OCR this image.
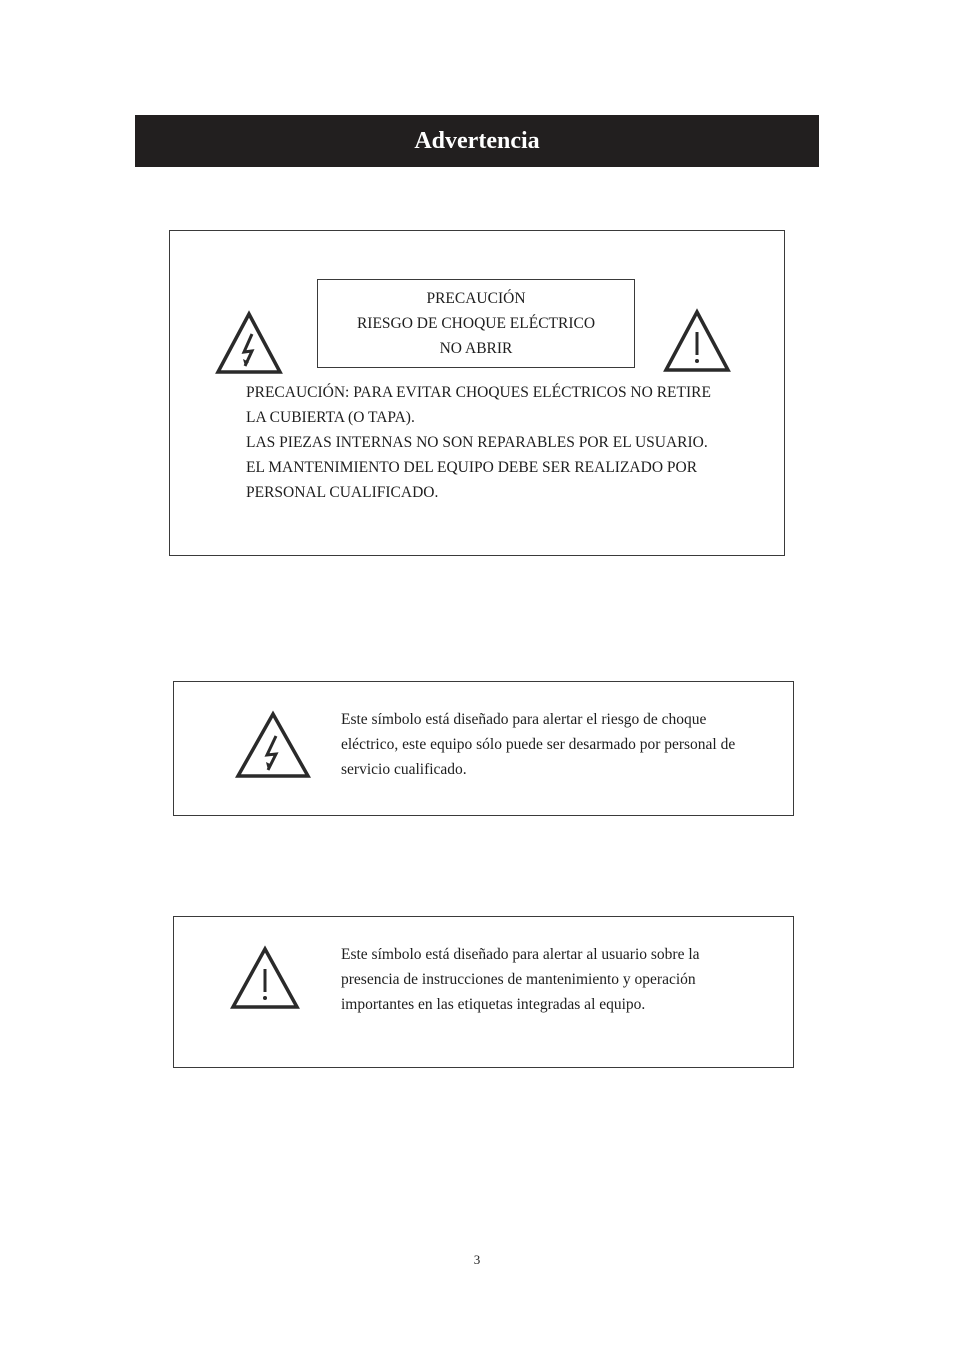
Advertencia
PRECAUCIÓN
RIESGO DE CHOQUE ELÉCTRICO
NO ABRIR
PRECAUCIÓN: PARA EVITAR CHOQUES ELÉCTRICOS NO RETIRE
LA CUBIERTA (O TAPA).
LAS PIEZAS INTERNAS NO SON REPARABLES POR EL USUARIO.
EL MANTENIMIENTO DEL EQUIPO DEBE SER REALIZADO POR
PERSONAL CUALIFICADO.
Este símbolo está diseñado para alertar el riesgo de choque
eléctrico, este equipo sólo puede ser desarmado por personal de
servicio cualificado.
Este símbolo está diseñado para alertar al usuario sobre la
presencia de instrucciones de mantenimiento y operación
importantes en las etiquetas integradas al equipo.
3
